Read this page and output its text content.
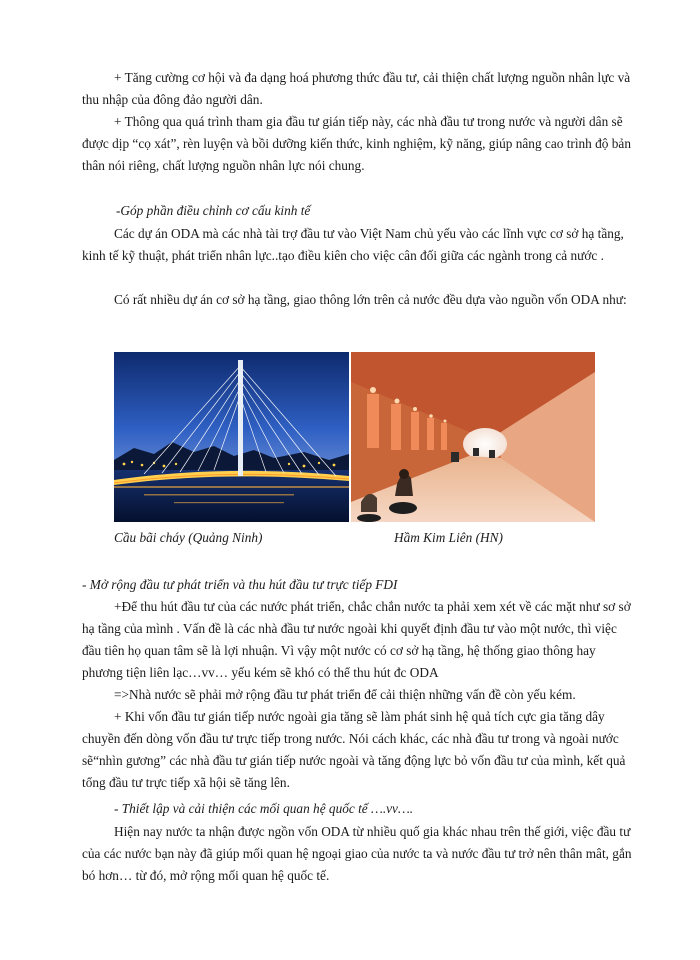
+ Tăng cường cơ hội và đa dạng hoá phương thức đầu tư, cải thiện chất lượng nguồn nhân lực và thu nhập của đông đảo người dân.

+ Thông qua quá trình tham gia đầu tư gián tiếp này, các nhà đầu tư trong nước và người dân sẽ được dịp “cọ xát”, rèn luyện và bồi dưỡng kiến thức, kinh nghiệm, kỹ năng, giúp nâng cao trình độ bản thân nói riêng, chất lượng nguồn nhân lực nói chung.

-Góp phần điều chỉnh cơ cấu kinh tế

Các dự án ODA mà các nhà tài trợ đầu tư vào Việt Nam chủ yếu vào các lĩnh vực cơ sở hạ tầng, kinh tế kỹ thuật, phát triển nhân lực..tạo điều kiên cho việc cân đối giữa các ngành trong cả nước .

Có rất nhiều dự án cơ sở hạ tầng, giao thông lớn trên cả nước đều dựa vào nguồn vốn ODA như:

Cầu bãi cháy (Quảng Ninh)	Hầm Kim Liên (HN)

- Mở rộng đầu tư phát triển và thu hút đầu tư trực tiếp FDI

+Để thu hút đầu tư của các nước phát triển, chắc chắn nước ta phải xem xét về các mặt như sơ sở hạ tầng của mình . Vấn đề là các nhà đầu tư nước ngoài khi quyết định đầu tư vào một nước, thì việc đầu tiên họ quan tâm sẽ là lợi nhuận. Vì vậy một nước có cơ sở hạ tầng, hệ thống giao thông hay phương tiện liên lạc…vv… yếu kém sẽ khó có thể thu hút đc ODA

=>Nhà nước sẽ phải mở rộng đầu tư phát triển để cải thiện những vấn đề còn yếu kém.

+ Khi vốn đầu tư gián tiếp nước ngoài gia tăng sẽ làm phát sinh hệ quả tích cực gia tăng dây chuyền đến dòng vốn đầu tư trực tiếp trong nước. Nói cách khác, các nhà đầu tư trong và ngoài nước sẽ“nhìn gương” các nhà đầu tư gián tiếp nước ngoài và tăng động lực bỏ vốn đầu tư của mình, kết quả tổng đầu tư trực tiếp xã hội sẽ tăng lên.

- Thiết lập và cải thiện các mối quan hệ quốc tế ….vv….

Hiện nay nước ta nhận được ngồn vốn ODA từ nhiều quố gia khác nhau trên thế giới, việc đầu tư của các nước bạn này đã giúp mối quan hệ ngoại giao của nước ta và nước đầu tư trở nên thân mât, gắn bó hơn… từ đó, mở rộng mối quan hệ quốc tế.
